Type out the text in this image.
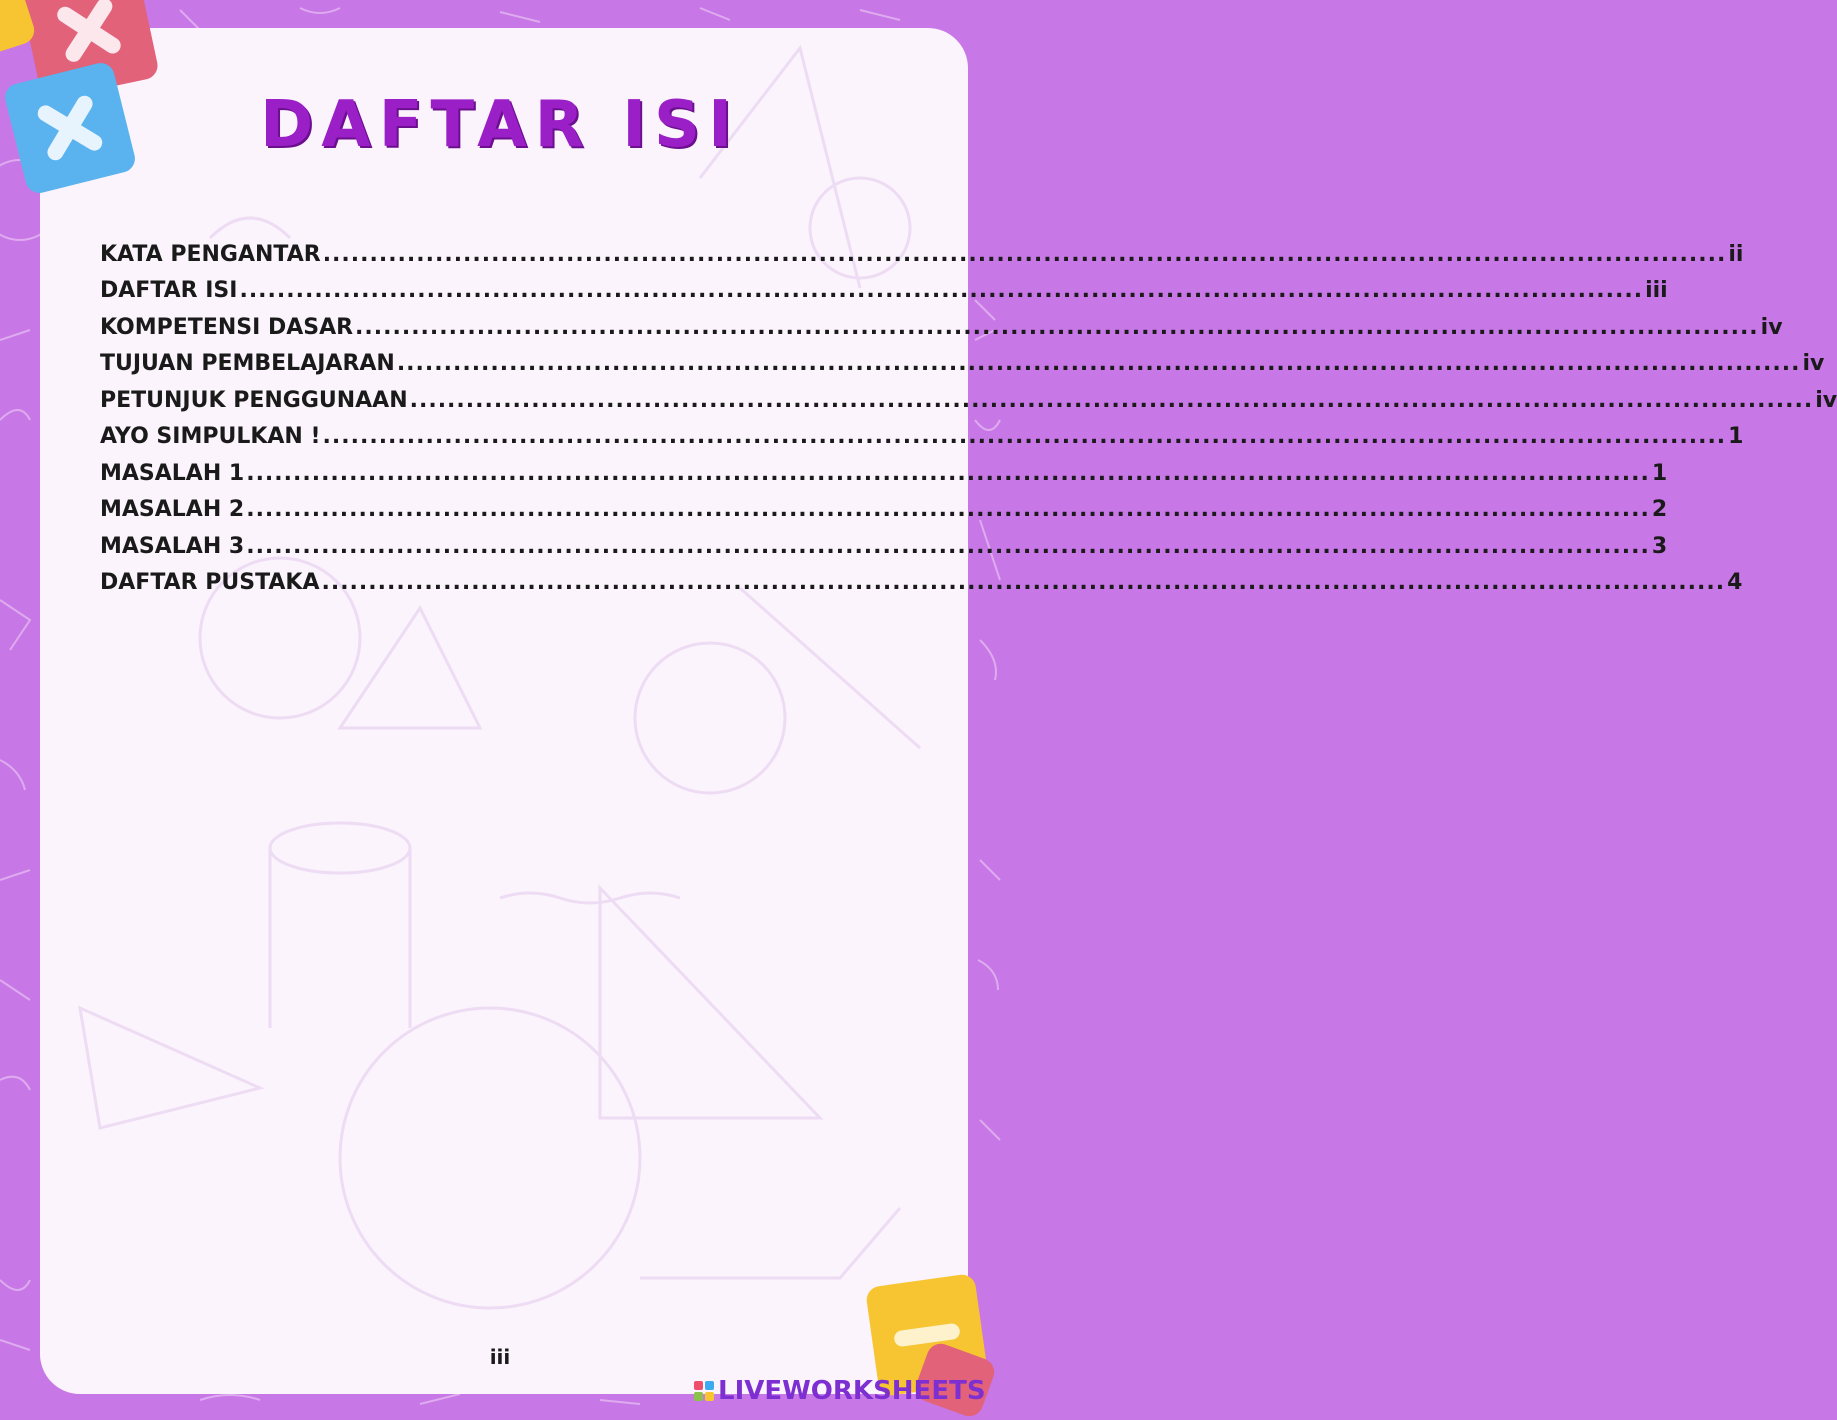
DAFTAR ISI
KATA PENGANTAR ...................................................................................................................................................... ii
DAFTAR ISI ...................................................................................................................................................... iii
KOMPETENSI DASAR ...................................................................................................................................................... iv
TUJUAN PEMBELAJARAN ...................................................................................................................................................... iv
PETUNJUK PENGGUNAAN ...................................................................................................................................................... iv
AYO SIMPULKAN ! ...................................................................................................................................................... 1
MASALAH 1 ...................................................................................................................................................... 1
MASALAH 2 ...................................................................................................................................................... 2
MASALAH 3 ...................................................................................................................................................... 3
DAFTAR PUSTAKA ...................................................................................................................................................... 4
iii
LIVEWORKSHEETS
